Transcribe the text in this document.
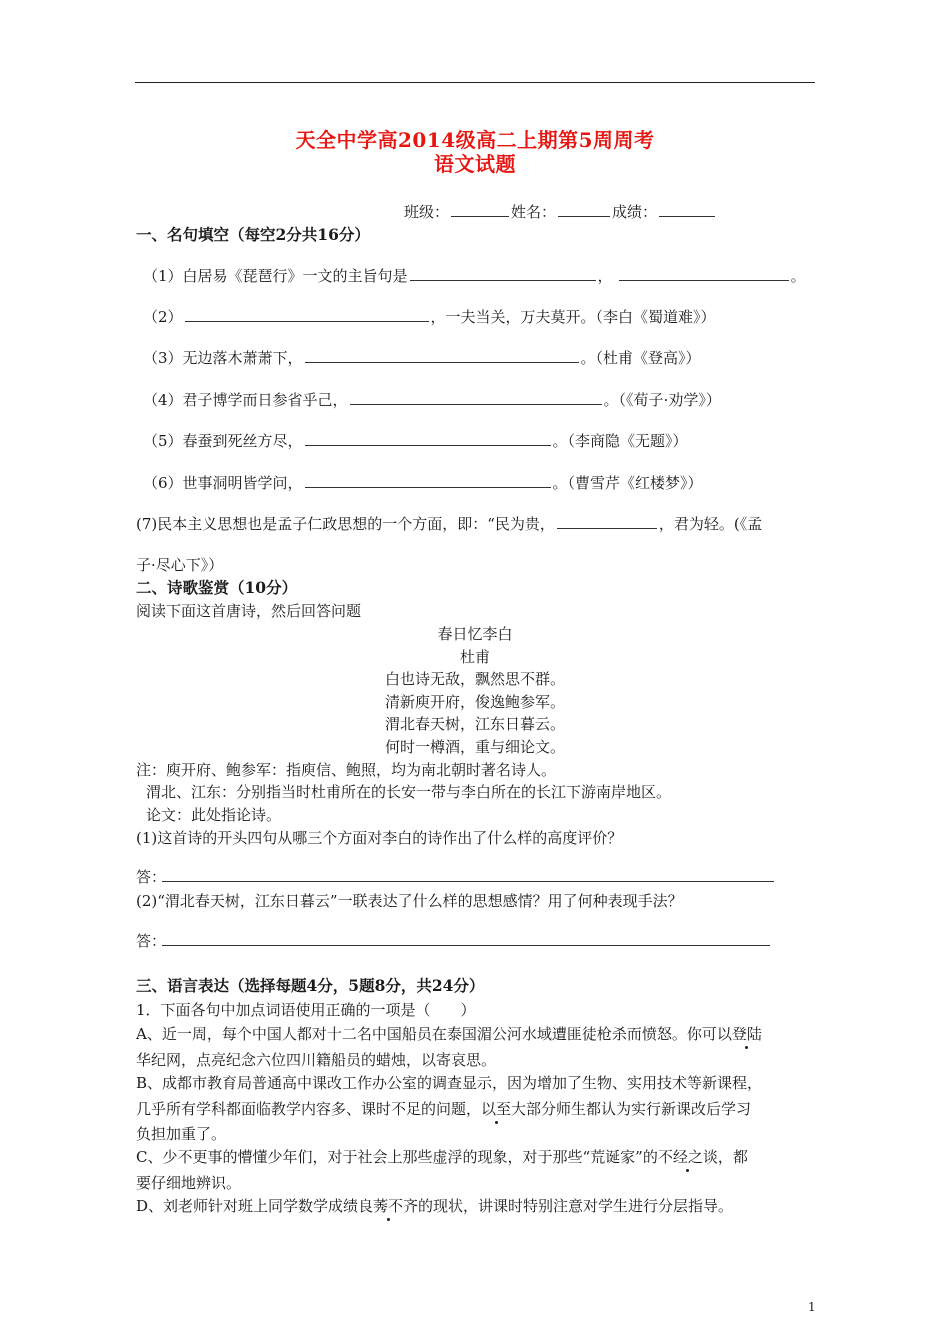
天全中学高2014级高二上期第5周周考
语文试题
班级：	姓名：	成绩：
一、名句填空（每空2分共16分）
（1）白居易《琵琶行》一文的主旨句是	，	。
（2）	，一夫当关，万夫莫开。（李白《蜀道难》）
（3）无边落木萧萧下，	。（杜甫《登高》）
（4）君子博学而日参省乎己，	。（《荀子·劝学》）
（5）春蚕到死丝方尽，	。（李商隐《无题》）
（6）世事洞明皆学问，	。（曹雪芹《红楼梦》）
(7)民本主义思想也是孟子仁政思想的一个方面，即：“民为贵，	，君为轻。(《孟
子·尽心下》）
二、诗歌鉴赏（10分）
阅读下面这首唐诗，然后回答问题
春日忆李白
杜甫
白也诗无敌，飘然思不群。
清新庾开府，俊逸鲍参军。
渭北春天树，江东日暮云。
何时一樽酒，重与细论文。
注：庾开府、鲍参军：指庾信、鲍照，均为南北朝时著名诗人。
渭北、江东：分别指当时杜甫所在的长安一带与李白所在的长江下游南岸地区。
论文：此处指论诗。
(1)这首诗的开头四句从哪三个方面对李白的诗作出了什么样的高度评价？
答：
(2)“渭北春天树，江东日暮云”一联表达了什么样的思想感情？用了何种表现手法？
答：
三、语言表达（选择每题4分，5题8分，共24分）
1．下面各句中加点词语使用正确的一项是（　　）
A、近一周，每个中国人都对十二名中国船员在泰国湄公河水域遭匪徒枪杀而愤怒。你可以登陆
华纪网，点亮纪念六位四川籍船员的蜡烛，以寄哀思。
B、成都市教育局普通高中课改工作办公室的调查显示，因为增加了生物、实用技术等新课程，
几乎所有学科都面临教学内容多、课时不足的问题，以至大部分师生都认为实行新课改后学习
负担加重了。
C、少不更事的懵懂少年们，对于社会上那些虚浮的现象，对于那些“荒诞家”的不经之谈，都
要仔细地辨识。
D、刘老师针对班上同学数学成绩良莠不齐的现状，讲课时特别注意对学生进行分层指导。
1
